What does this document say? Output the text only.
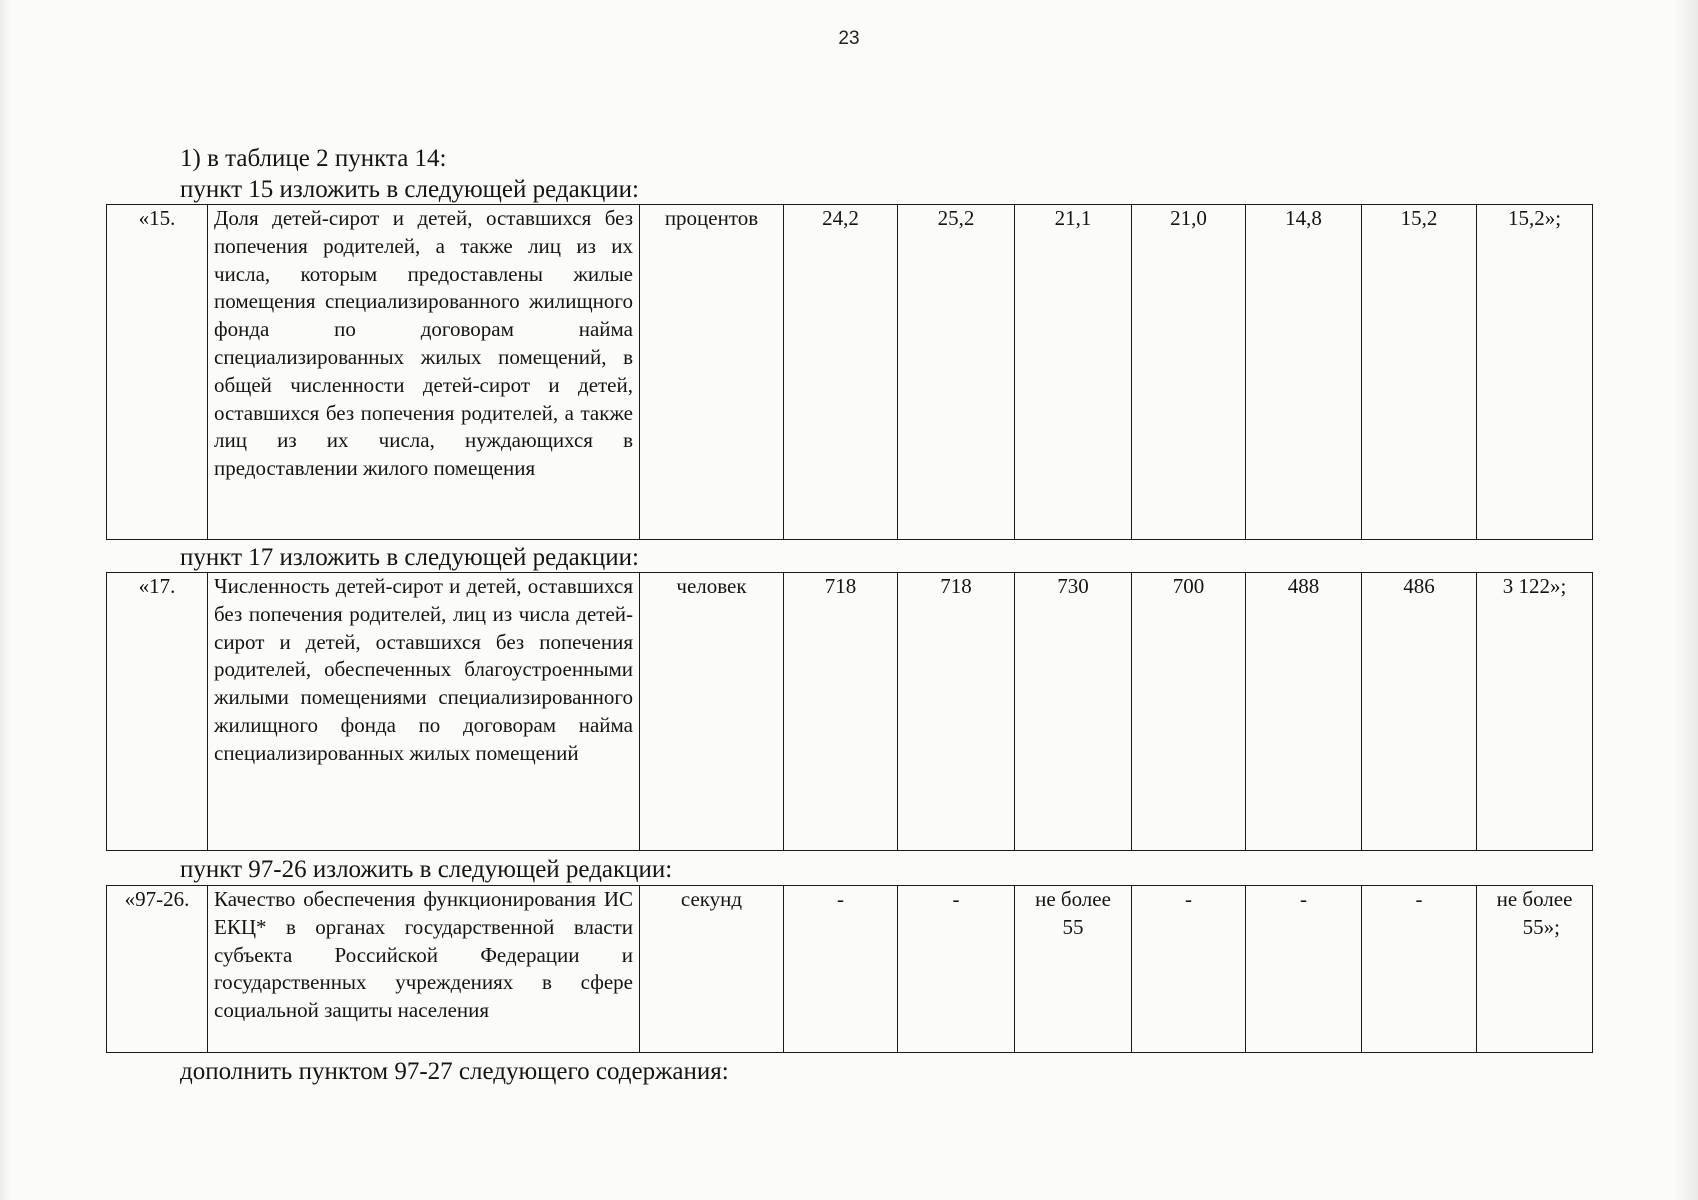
23
1) в таблице 2 пункта 14:
пункт 15 изложить в следующей редакции:
«15.	Доля детей-сирот и детей, оставшихся без попечения родителей, а также лиц из их числа, которым предоставлены жилые помещения специализированного жилищного фонда по договорам найма специализированных жилых помещений, в общей численности детей-сирот и детей, оставшихся без попечения родителей, а также лиц из их числа, нуждающихся в предоставлении жилого помещения	процентов	24,2	25,2	21,1	21,0	14,8	15,2	15,2»;
пункт 17 изложить в следующей редакции:
«17.	Численность детей-сирот и детей, оставшихся без попечения родителей, лиц из числа детей-сирот и детей, оставшихся без попечения родителей, обеспеченных благоустроенными жилыми помещениями специализированного жилищного фонда по договорам найма специализированных жилых помещений	человек	718	718	730	700	488	486	3 122»;
пункт 97-26 изложить в следующей редакции:
«97-26.	Качество обеспечения функционирования ИС ЕКЦ* в органах государственной власти субъекта Российской Федерации и государственных учреждениях в сфере социальной защиты населения	секунд	-	-	не более 55	-	-	-	не более
55»;
дополнить пунктом 97-27 следующего содержания:
